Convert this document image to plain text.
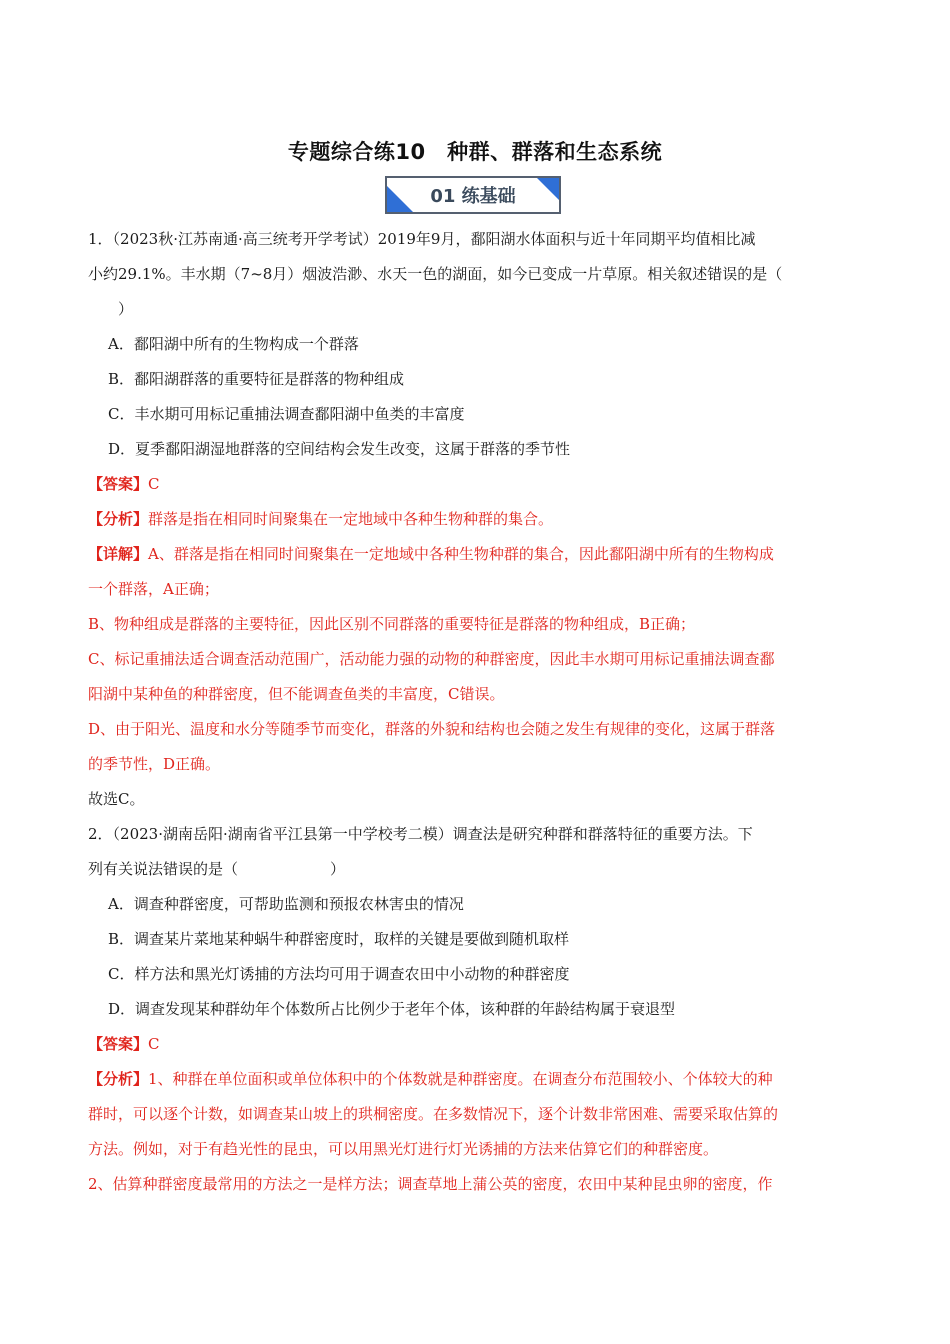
专题综合练10　种群、群落和生态系统
01 练基础

1．（2023秋·江苏南通·高三统考开学考试）2019年9月，鄱阳湖水体面积与近十年同期平均值相比减

小约29.1%。丰水期（7~8月）烟波浩渺、水天一色的湖面，如今已变成一片草原。相关叙述错误的是（

）

A．鄱阳湖中所有的生物构成一个群落

B．鄱阳湖群落的重要特征是群落的物种组成

C．丰水期可用标记重捕法调查鄱阳湖中鱼类的丰富度

D．夏季鄱阳湖湿地群落的空间结构会发生改变，这属于群落的季节性

【答案】C

【分析】群落是指在相同时间聚集在一定地域中各种生物种群的集合。

【详解】A、群落是指在相同时间聚集在一定地域中各种生物种群的集合，因此鄱阳湖中所有的生物构成

一个群落，A正确；

B、物种组成是群落的主要特征，因此区别不同群落的重要特征是群落的物种组成，B正确；

C、标记重捕法适合调查活动范围广，活动能力强的动物的种群密度，因此丰水期可用标记重捕法调查鄱

阳湖中某种鱼的种群密度，但不能调查鱼类的丰富度，C错误。

D、由于阳光、温度和水分等随季节而变化，群落的外貌和结构也会随之发生有规律的变化，这属于群落

的季节性，D正确。

故选C。

2．（2023·湖南岳阳·湖南省平江县第一中学校考二模）调查法是研究种群和群落特征的重要方法。下

列有关说法错误的是（	）

A．调查种群密度，可帮助监测和预报农林害虫的情况

B．调查某片菜地某种蜗牛种群密度时，取样的关键是要做到随机取样

C．样方法和黑光灯诱捕的方法均可用于调查农田中小动物的种群密度

D．调查发现某种群幼年个体数所占比例少于老年个体，该种群的年龄结构属于衰退型

【答案】C

【分析】1、种群在单位面积或单位体积中的个体数就是种群密度。在调查分布范围较小、个体较大的种

群时，可以逐个计数，如调查某山坡上的珙桐密度。在多数情况下，逐个计数非常困难、需要采取估算的

方法。例如，对于有趋光性的昆虫，可以用黑光灯进行灯光诱捕的方法来估算它们的种群密度。

2、估算种群密度最常用的方法之一是样方法；调查草地上蒲公英的密度，农田中某种昆虫卵的密度，作
